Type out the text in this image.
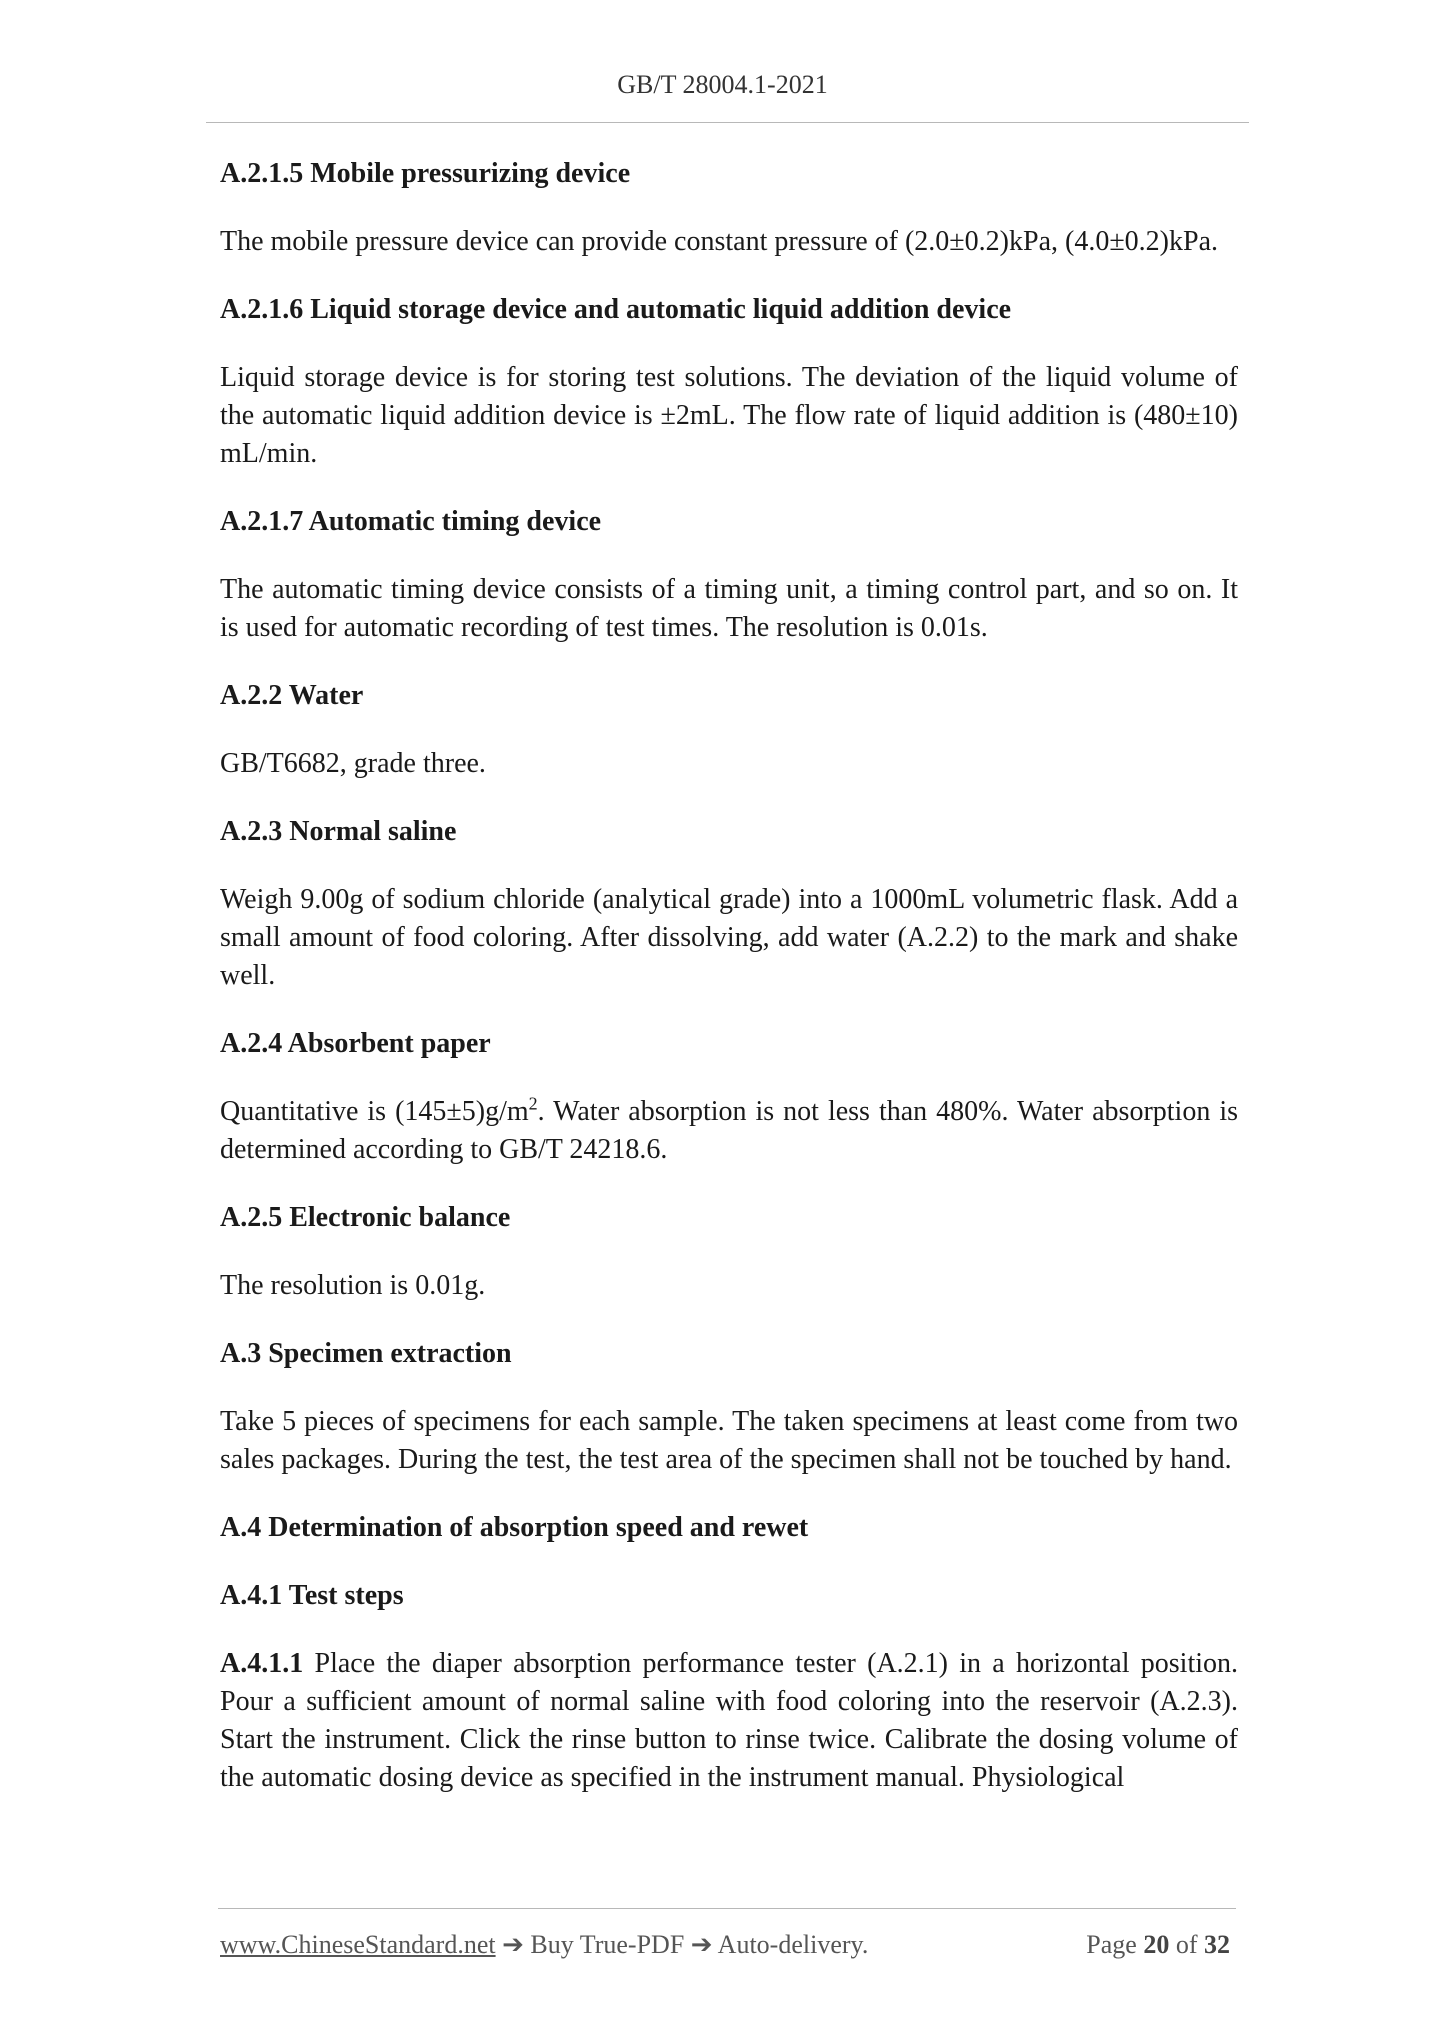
GB/T 28004.1-2021
A.2.1.5 Mobile pressurizing device

The mobile pressure device can provide constant pressure of (2.0±0.2)kPa, (4.0±0.2)kPa.

A.2.1.6 Liquid storage device and automatic liquid addition device

Liquid storage device is for storing test solutions. The deviation of the liquid volume of the automatic liquid addition device is ±2mL. The flow rate of liquid addition is (480±10) mL/min.

A.2.1.7 Automatic timing device

The automatic timing device consists of a timing unit, a timing control part, and so on. It is used for automatic recording of test times. The resolution is 0.01s.

A.2.2 Water

GB/T6682, grade three.

A.2.3 Normal saline

Weigh 9.00g of sodium chloride (analytical grade) into a 1000mL volumetric flask. Add a small amount of food coloring. After dissolving, add water (A.2.2) to the mark and shake well.

A.2.4 Absorbent paper

Quantitative is $(145\pm 5)g/m^2$. Water absorption is not less than 480%. Water absorption is determined according to GB/T 24218.6.

A.2.5 Electronic balance

The resolution is 0.01g.

A.3 Specimen extraction

Take 5 pieces of specimens for each sample. The taken specimens at least come from two sales packages. During the test, the test area of the specimen shall not be touched by hand.

A.4 Determination of absorption speed and rewet
A.4.1 Test steps

A.4.1.1 Place the diaper absorption performance tester (A.2.1) in a horizontal position. Pour a sufficient amount of normal saline with food coloring into the reservoir (A.2.3). Start the instrument. Click the rinse button to rinse twice. Calibrate the dosing volume of the automatic dosing device as specified in the instrument manual. Physiological

www.ChineseStandard.net ➔ Buy True-PDF ➔ Auto-delivery.	Page 20 of 32
